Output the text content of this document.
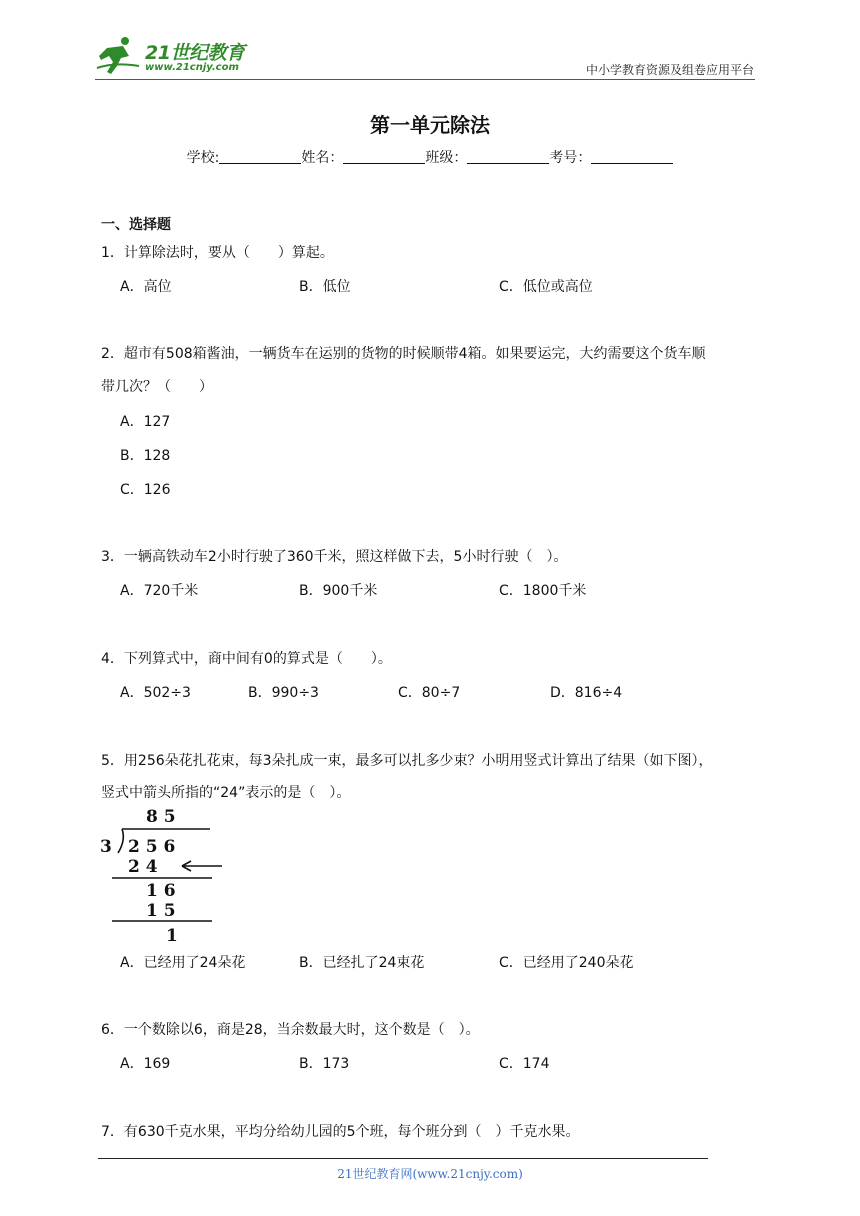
21世纪教育
www.21cnjy.com	中小学教育资源及组卷应用平台
第一单元除法
学校:	姓名：	班级：	考号：
一、选择题
1．计算除法时，要从（　　）算起。
A．高位	B．低位	C．低位或高位
2．超市有508箱酱油，一辆货车在运别的货物的时候顺带4箱。如果要运完，大约需要这个货车顺
带几次？（　　）
A．127
B．128
C．126
3．一辆高铁动车2小时行驶了360千米，照这样做下去，5小时行驶（　）。
A．720千米	B．900千米	C．1800千米
4．下列算式中，商中间有0的算式是（　　）。
A．502÷3	B．990÷3	C．80÷7	D．816÷4
5．用256朵花扎花束，每3朵扎成一束，最多可以扎多少束？小明用竖式计算出了结果（如下图），
竖式中箭头所指的“24”表示的是（　）。
8 5
3 2 5 6
2 4
1 6
1 5
1
A．已经用了24朵花	B．已经扎了24束花	C．已经用了240朵花
6．一个数除以6，商是28，当余数最大时，这个数是（　）。
A．169	B．173	C．174
7．有630千克水果，平均分给幼儿园的5个班，每个班分到（　）千克水果。
21世纪教育网(www.21cnjy.com)
